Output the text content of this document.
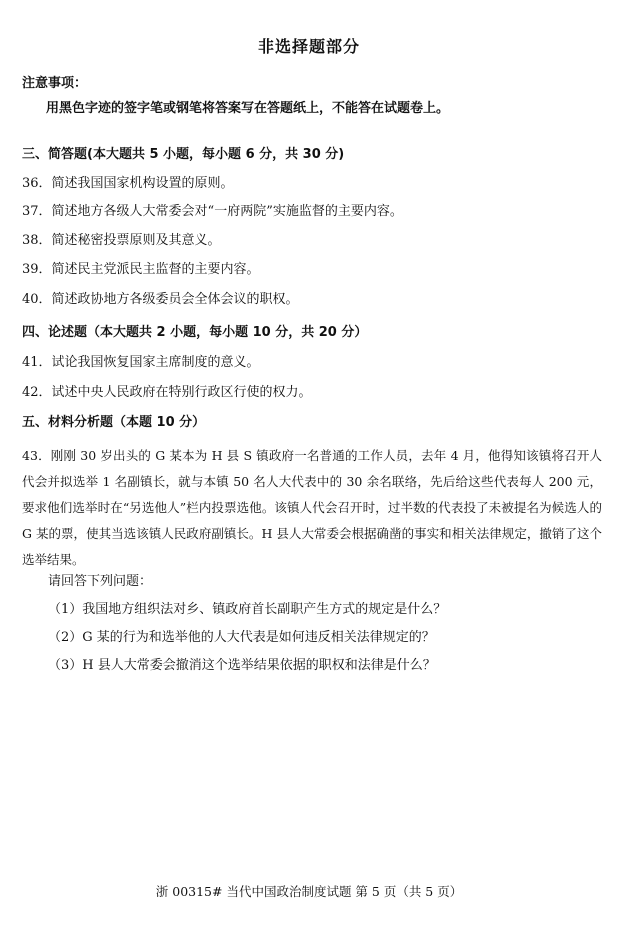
非选择题部分
注意事项：
用黑色字迹的签字笔或钢笔将答案写在答题纸上，不能答在试题卷上。
三、简答题(本大题共 5 小题，每小题 6 分，共 30 分)
36．简述我国国家机构设置的原则。
37．简述地方各级人大常委会对“一府两院”实施监督的主要内容。
38．简述秘密投票原则及其意义。
39．简述民主党派民主监督的主要内容。
40．简述政协地方各级委员会全体会议的职权。
四、论述题（本大题共 2 小题，每小题 10 分，共 20 分）
41．试论我国恢复国家主席制度的意义。
42．试述中央人民政府在特别行政区行使的权力。
五、材料分析题（本题 10 分）
43．刚刚 30 岁出头的 G 某本为 H 县 S 镇政府一名普通的工作人员，去年 4 月，他得知该镇将召开人代会并拟选举 1 名副镇长，就与本镇 50 名人大代表中的 30 余名联络，先后给这些代表每人 200 元，要求他们选举时在“另选他人”栏内投票选他。该镇人代会召开时，过半数的代表投了未被提名为候选人的 G 某的票，使其当选该镇人民政府副镇长。H 县人大常委会根据确凿的事实和相关法律规定，撤销了这个选举结果。
请回答下列问题：
（1）我国地方组织法对乡、镇政府首长副职产生方式的规定是什么？
（2）G 某的行为和选举他的人大代表是如何违反相关法律规定的？
（3）H 县人大常委会撤消这个选举结果依据的职权和法律是什么？
浙 00315# 当代中国政治制度试题 第 5 页（共 5 页）
